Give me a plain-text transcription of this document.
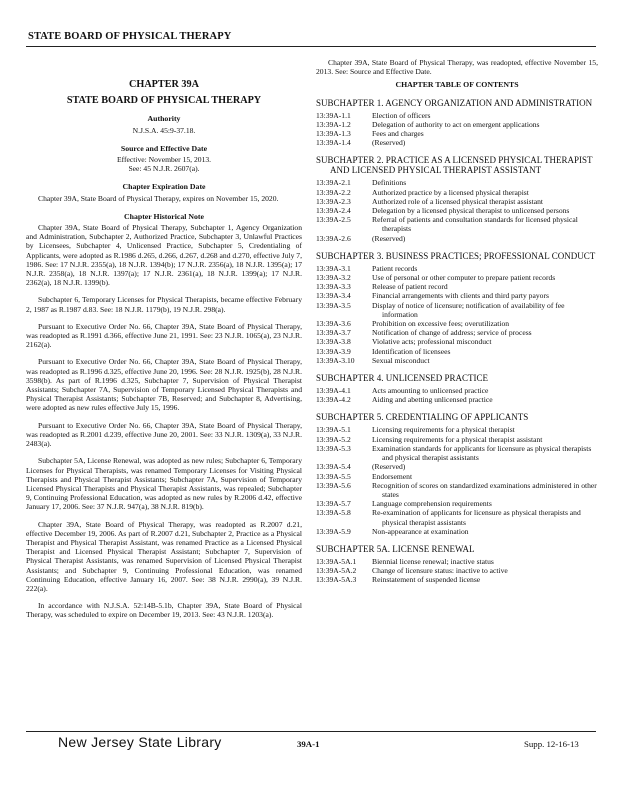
STATE BOARD OF PHYSICAL THERAPY
CHAPTER 39A
STATE BOARD OF PHYSICAL THERAPY
Authority
N.J.S.A. 45:9-37.18.
Source and Effective Date
Effective: November 15, 2013.
See: 45 N.J.R. 2607(a).
Chapter Expiration Date

Chapter 39A, State Board of Physical Therapy, expires on November 15, 2020.

Chapter Historical Note

Chapter 39A, State Board of Physical Therapy, Subchapter 1, Agency Organization and Administration, Subchapter 2, Authorized Practice, Subchapter 3, Unlawful Practices by Licensees, Subchapter 4, Unlicensed Practice, Subchapter 5, Credentialing of Applicants, were adopted as R.1986 d.265, d.266, d.267, d.268 and d.270, effective July 7, 1986. See: 17 N.J.R. 2355(a), 18 N.J.R. 1394(b); 17 N.J.R. 2356(a), 18 N.J.R. 1395(a); 17 N.J.R. 2358(a), 18 N.J.R. 1397(a); 17 N.J.R. 2361(a), 18 N.J.R. 1399(a); 17 N.J.R. 2362(a), 18 N.J.R. 1399(b).

Subchapter 6, Temporary Licenses for Physical Therapists, became effective February 2, 1987 as R.1987 d.83. See: 18 N.J.R. 1179(b), 19 N.J.R. 298(a).

Pursuant to Executive Order No. 66, Chapter 39A, State Board of Physical Therapy, was readopted as R.1991 d.366, effective June 21, 1991. See: 23 N.J.R. 1065(a), 23 N.J.R. 2162(a).

Pursuant to Executive Order No. 66, Chapter 39A, State Board of Physical Therapy, was readopted as R.1996 d.325, effective June 20, 1996. See: 28 N.J.R. 1925(b), 28 N.J.R. 3598(b). As part of R.1996 d.325, Subchapter 7, Supervision of Physical Therapist Assistants; Subchapter 7A, Supervision of Temporary Licensed Physical Therapists and Physical Therapist Assistants; Subchapter 7B, Reserved; and Subchapter 8, Advertising, were adopted as new rules effective July 15, 1996.

Pursuant to Executive Order No. 66, Chapter 39A, State Board of Physical Therapy, was readopted as R.2001 d.239, effective June 20, 2001. See: 33 N.J.R. 1309(a), 33 N.J.R. 2483(a).

Subchapter 5A, License Renewal, was adopted as new rules; Subchapter 6, Temporary Licenses for Physical Therapists, was renamed Temporary Licenses for Visiting Physical Therapists and Physical Therapist Assistants; Subchapter 7A, Supervision of Temporary Licensed Physical Therapists and Physical Therapist Assistants, was repealed; Subchapter 9, Continuing Professional Education, was adopted as new rules by R.2006 d.42, effective January 17, 2006. See: 37 N.J.R. 947(a), 38 N.J.R. 819(b).

Chapter 39A, State Board of Physical Therapy, was readopted as R.2007 d.21, effective December 19, 2006. As part of R.2007 d.21, Subchapter 2, Practice as a Physical Therapist and Physical Therapist Assistant, was renamed Practice as a Licensed Physical Therapist and Licensed Physical Therapist Assistant; Subchapter 7, Supervision of Physical Therapist Assistants, was renamed Supervision of Licensed Physical Therapist Assistants; and Subchapter 9, Continuing Professional Education, was renamed Continuing Education, effective January 16, 2007. See: 38 N.J.R. 2990(a), 39 N.J.R. 222(a).

In accordance with N.J.S.A. 52:14B-5.1b, Chapter 39A, State Board of Physical Therapy, was scheduled to expire on December 19, 2013. See: 43 N.J.R. 1203(a).

Chapter 39A, State Board of Physical Therapy, was readopted, effective November 15, 2013. See: Source and Effective Date.

CHAPTER TABLE OF CONTENTS
SUBCHAPTER 1. AGENCY ORGANIZATION AND ADMINISTRATION
13:39A-1.1	Election of officers
13:39A-1.2	Delegation of authority to act on emergent applications
13:39A-1.3	Fees and charges
13:39A-1.4	(Reserved)
SUBCHAPTER 2. PRACTICE AS A LICENSED PHYSICAL THERAPIST AND LICENSED PHYSICAL THERAPIST ASSISTANT
13:39A-2.1	Definitions
13:39A-2.2	Authorized practice by a licensed physical therapist
13:39A-2.3	Authorized role of a licensed physical therapist assistant
13:39A-2.4	Delegation by a licensed physical therapist to unlicensed persons
13:39A-2.5	Referral of patients and consultation standards for licensed physical therapists
13:39A-2.6	(Reserved)
SUBCHAPTER 3. BUSINESS PRACTICES; PROFESSIONAL CONDUCT
13:39A-3.1	Patient records
13:39A-3.2	Use of personal or other computer to prepare patient records
13:39A-3.3	Release of patient record
13:39A-3.4	Financial arrangements with clients and third party payors
13:39A-3.5	Display of notice of licensure; notification of availability of fee information
13:39A-3.6	Prohibition on excessive fees; overutilization
13:39A-3.7	Notification of change of address; service of process
13:39A-3.8	Violative acts; professional misconduct
13:39A-3.9	Identification of licensees
13:39A-3.10	Sexual misconduct
SUBCHAPTER 4. UNLICENSED PRACTICE
13:39A-4.1	Acts amounting to unlicensed practice
13:39A-4.2	Aiding and abetting unlicensed practice
SUBCHAPTER 5. CREDENTIALING OF APPLICANTS
13:39A-5.1	Licensing requirements for a physical therapist
13:39A-5.2	Licensing requirements for a physical therapist assistant
13:39A-5.3	Examination standards for applicants for licensure as physical therapists and physical therapist assistants
13:39A-5.4	(Reserved)
13:39A-5.5	Endorsement
13:39A-5.6	Recognition of scores on standardized examinations administered in other states
13:39A-5.7	Language comprehension requirements
13:39A-5.8	Re-examination of applicants for licensure as physical therapists and physical therapist assistants
13:39A-5.9	Non-appearance at examination
SUBCHAPTER 5A. LICENSE RENEWAL
13:39A-5A.1	Biennial license renewal; inactive status
13:39A-5A.2	Change of licensure status: inactive to active
13:39A-5A.3	Reinstatement of suspended license
New Jersey State Library	39A-1	Supp. 12-16-13
